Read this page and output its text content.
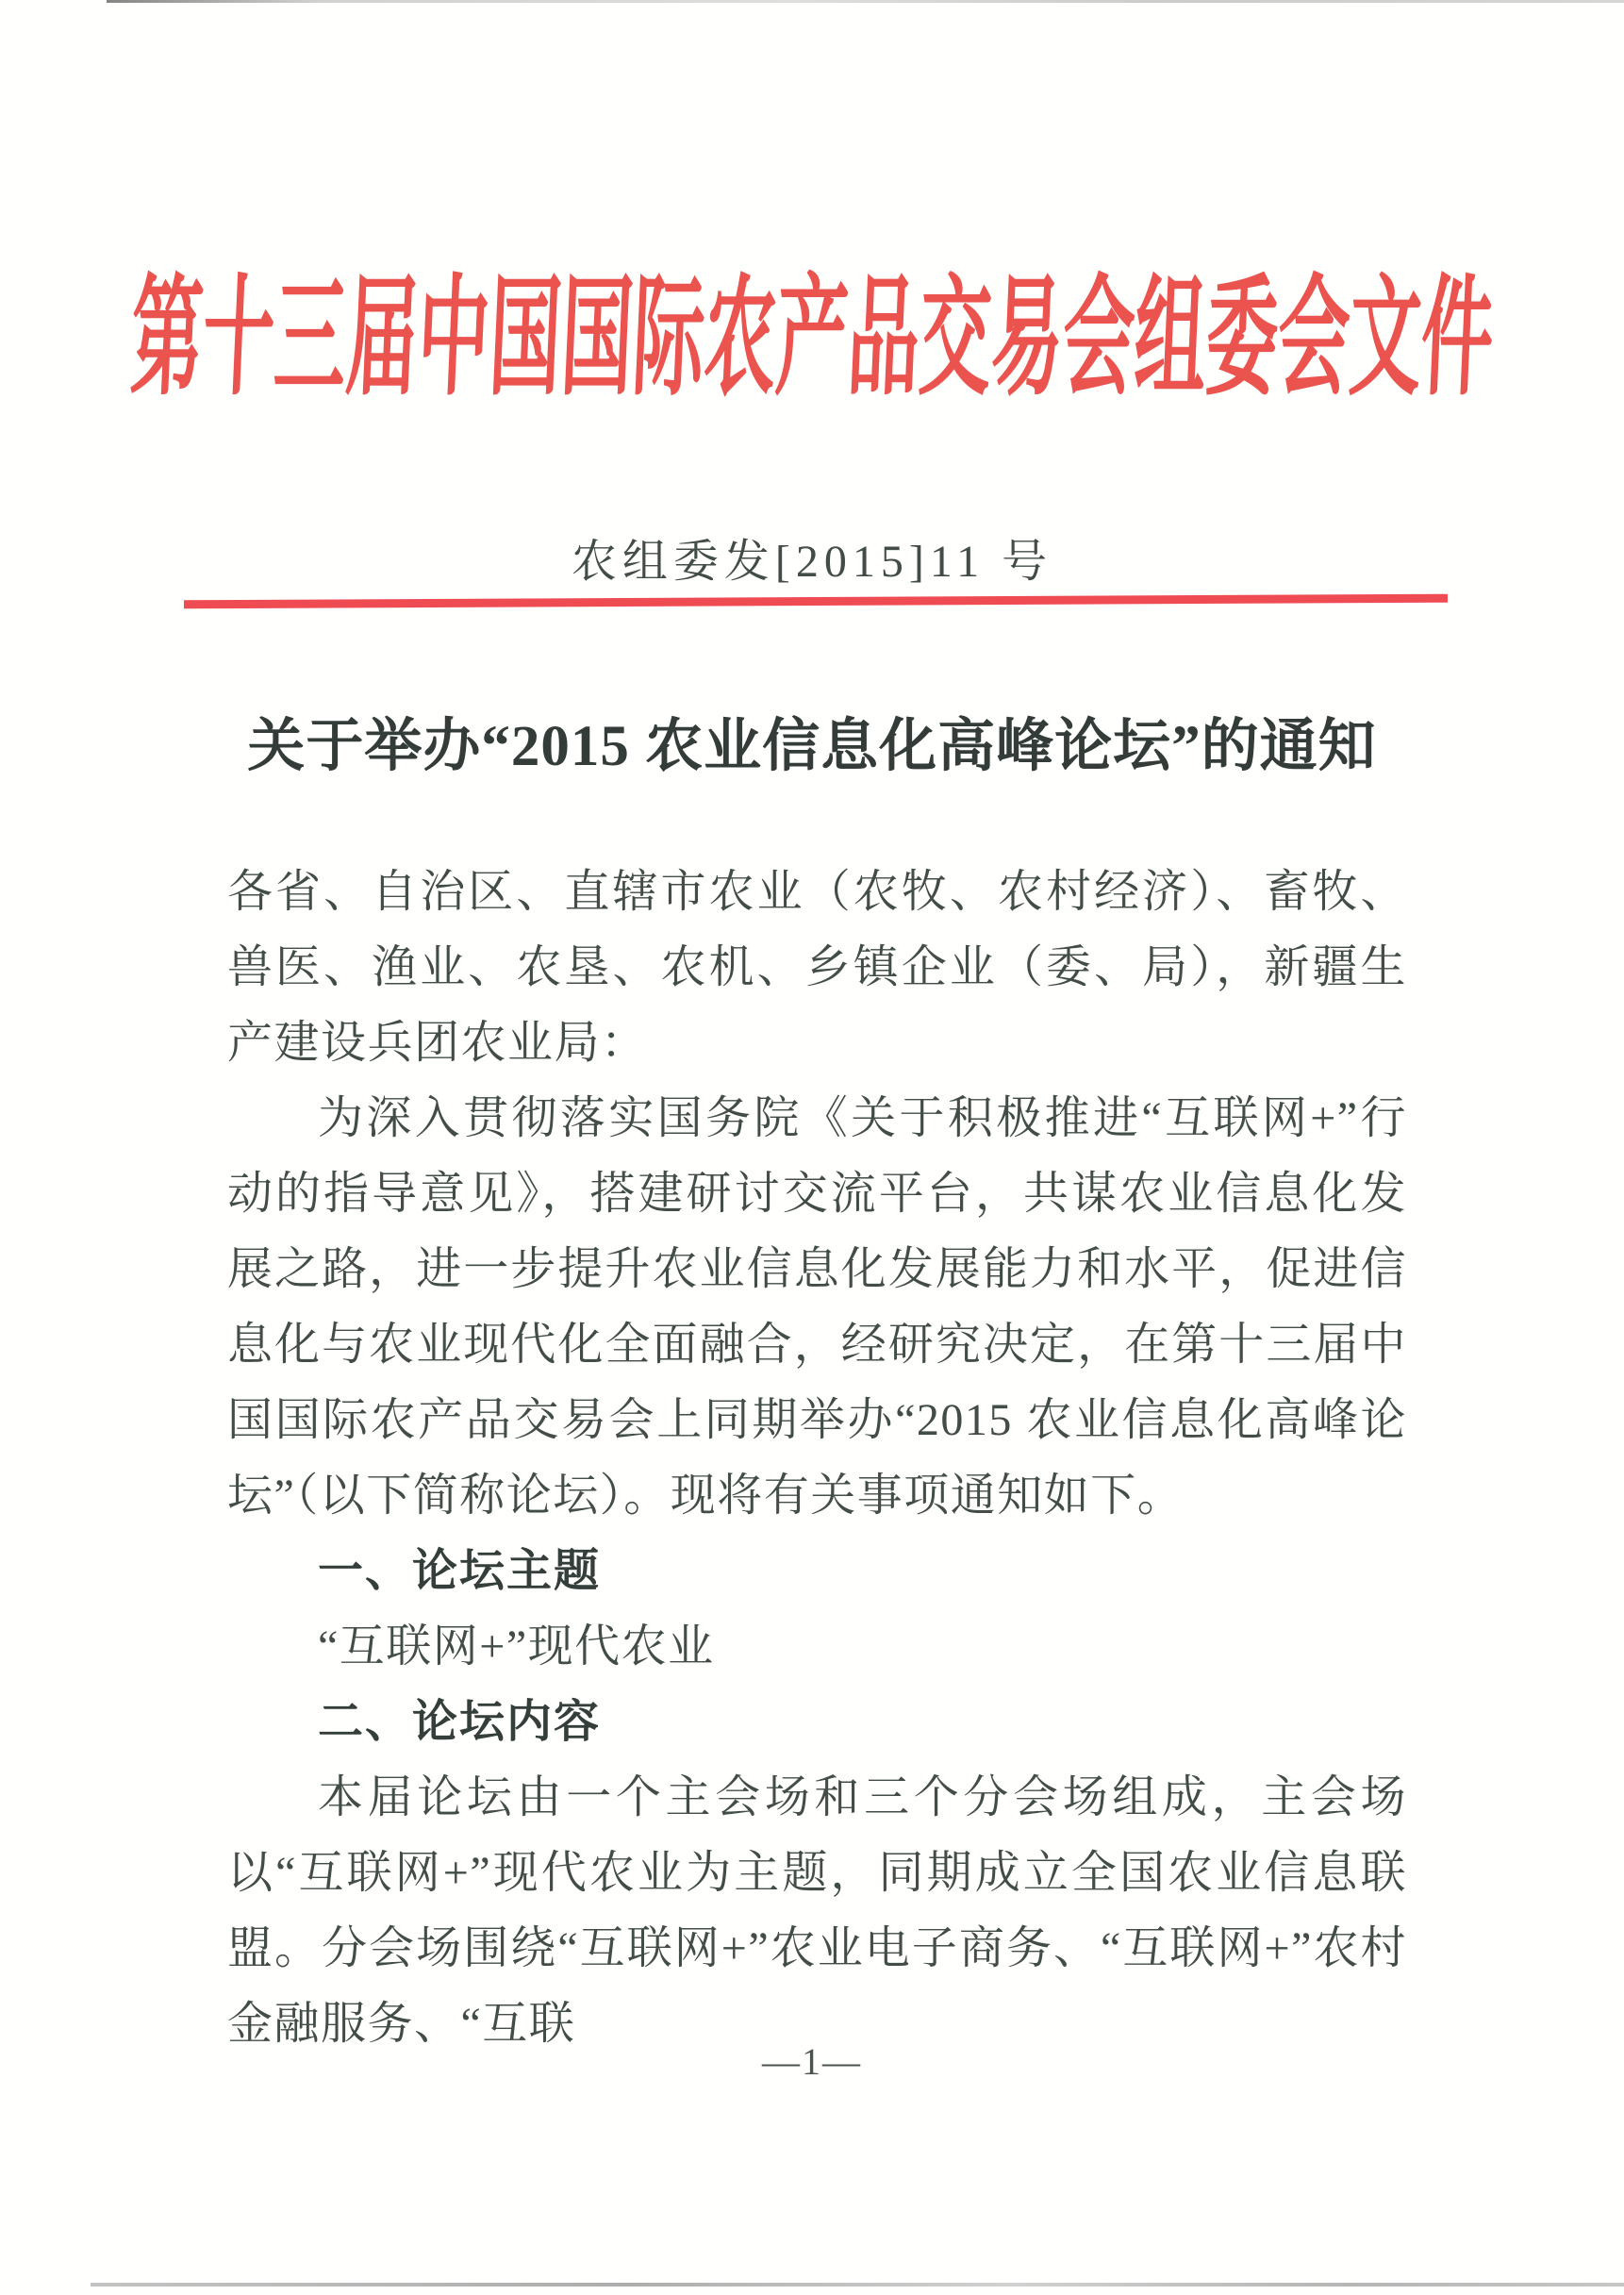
第十三届中国国际农产品交易会组委会文件
农组委发[2015]11 号
关于举办“2015 农业信息化高峰论坛”的通知

各省、自治区、直辖市农业（农牧、农村经济）、畜牧、兽医、渔业、农垦、农机、乡镇企业（委、局），新疆生产建设兵团农业局：

为深入贯彻落实国务院《关于积极推进“互联网+”行动的指导意见》，搭建研讨交流平台，共谋农业信息化发展之路，进一步提升农业信息化发展能力和水平，促进信息化与农业现代化全面融合，经研究决定，在第十三届中国国际农产品交易会上同期举办“2015 农业信息化高峰论坛”（以下简称论坛）。现将有关事项通知如下。

一、论坛主题

“互联网+”现代农业

二、论坛内容

本届论坛由一个主会场和三个分会场组成，主会场以“互联网+”现代农业为主题，同期成立全国农业信息联盟。分会场围绕“互联网+”农业电子商务、“互联网+”农村金融服务、“互联

—1—
